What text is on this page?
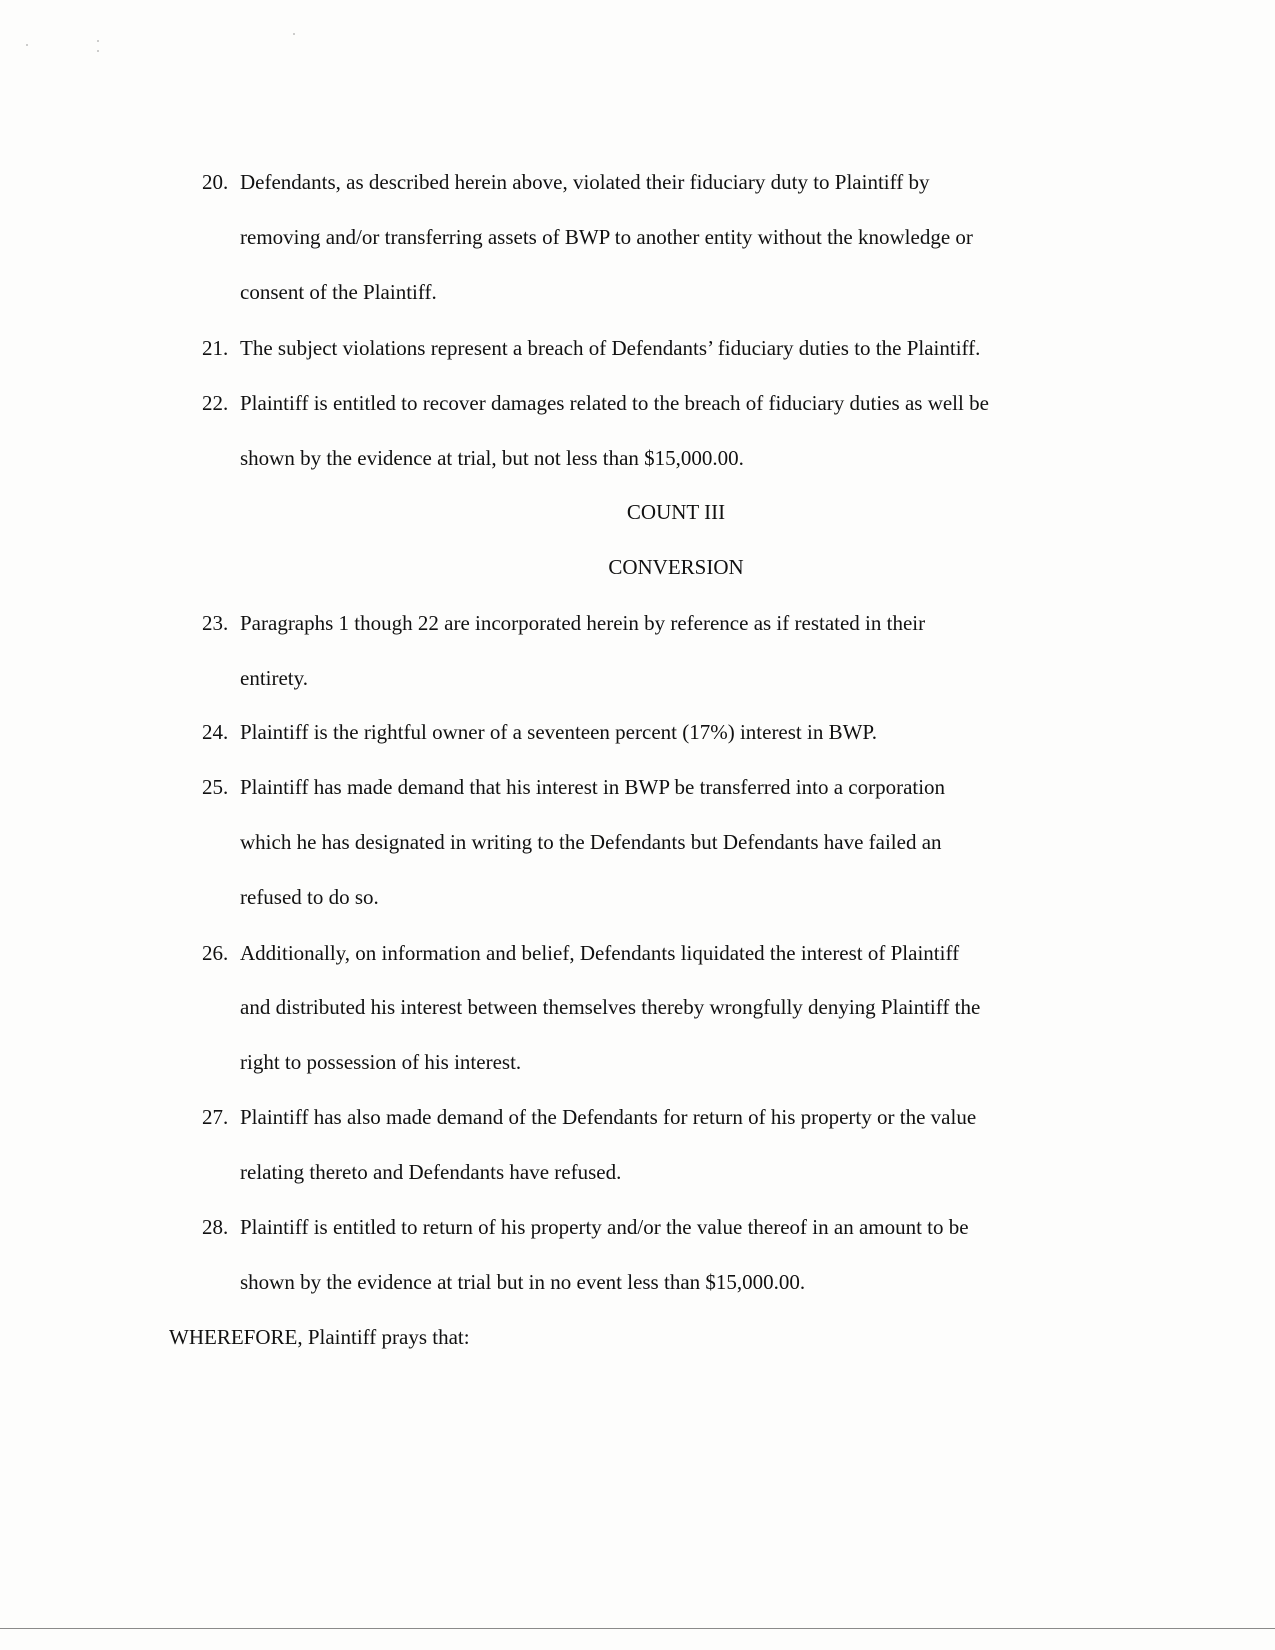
20. Defendants, as described herein above, violated their fiduciary duty to Plaintiff by
removing and/or transferring assets of BWP to another entity without the knowledge or
consent of the Plaintiff.
21. The subject violations represent a breach of Defendants’ fiduciary duties to the Plaintiff.
22. Plaintiff is entitled to recover damages related to the breach of fiduciary duties as well be
shown by the evidence at trial, but not less than $15,000.00.
COUNT III
CONVERSION
23. Paragraphs 1 though 22 are incorporated herein by reference as if restated in their
entirety.
24. Plaintiff is the rightful owner of a seventeen percent (17%) interest in BWP.
25. Plaintiff has made demand that his interest in BWP be transferred into a corporation
which he has designated in writing to the Defendants but Defendants have failed an
refused to do so.
26. Additionally, on information and belief, Defendants liquidated the interest of Plaintiff
and distributed his interest between themselves thereby wrongfully denying Plaintiff the
right to possession of his interest.
27. Plaintiff has also made demand of the Defendants for return of his property or the value
relating thereto and Defendants have refused.
28. Plaintiff is entitled to return of his property and/or the value thereof in an amount to be
shown by the evidence at trial but in no event less than $15,000.00.
WHEREFORE, Plaintiff prays that:
